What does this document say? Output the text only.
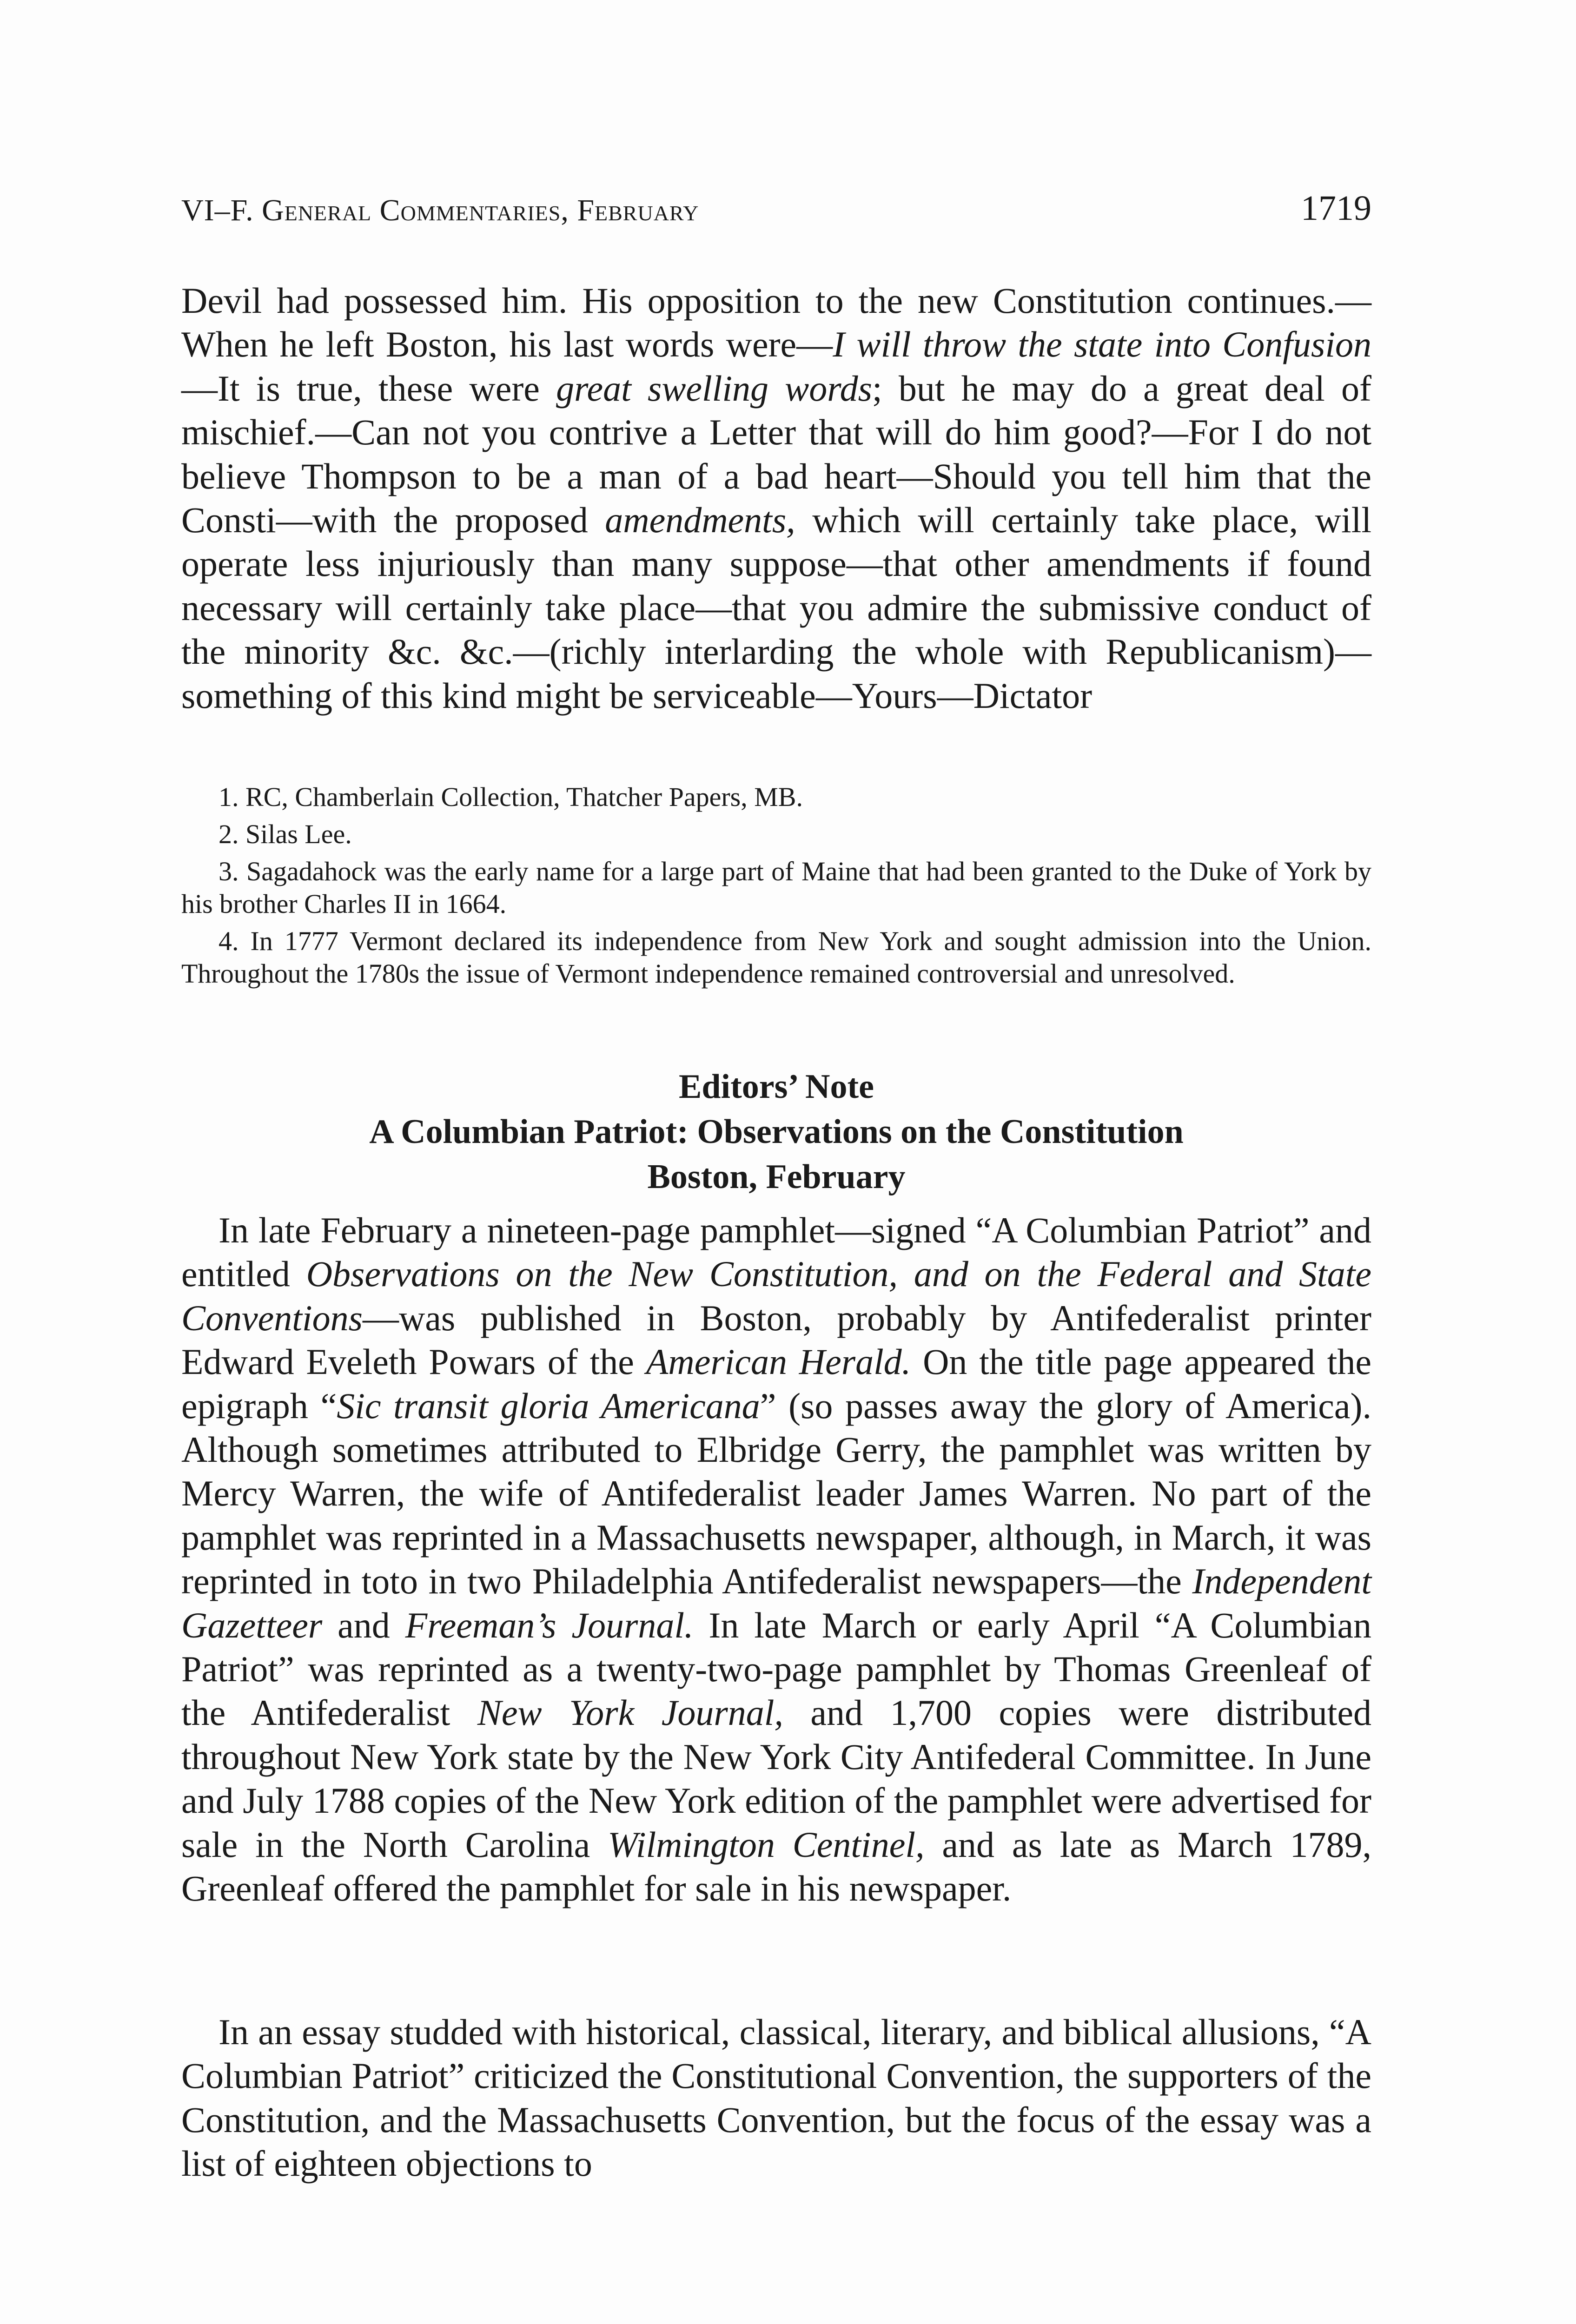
VI–F. General Commentaries, February	1719

Devil had possessed him. His opposition to the new Constitution continues.—When he left Boston, his last words were—I will throw the state into Confusion—It is true, these were great swelling words; but he may do a great deal of mischief.—Can not you contrive a Letter that will do him good?—For I do not believe Thompson to be a man of a bad heart—Should you tell him that the Consti—with the proposed amendments, which will certainly take place, will operate less injuriously than many suppose—that other amendments if found necessary will certainly take place—that you admire the submissive conduct of the minority &c. &c.—(richly interlarding the whole with Republicanism)—something of this kind might be serviceable—Yours—Dictator

1. RC, Chamberlain Collection, Thatcher Papers, MB.

2. Silas Lee.

3. Sagadahock was the early name for a large part of Maine that had been granted to the Duke of York by his brother Charles II in 1664.

4. In 1777 Vermont declared its independence from New York and sought admission into the Union. Throughout the 1780s the issue of Vermont independence remained controversial and unresolved.

Editors’ Note
A Columbian Patriot: Observations on the Constitution
Boston, February

In late February a nineteen-page pamphlet—signed “A Columbian Patriot” and entitled Observations on the New Constitution, and on the Federal and State Conventions—was published in Boston, probably by Antifederalist printer Edward Eveleth Powars of the American Herald. On the title page appeared the epigraph “Sic transit gloria Americana” (so passes away the glory of America). Although sometimes attributed to Elbridge Gerry, the pamphlet was written by Mercy Warren, the wife of Antifederalist leader James Warren. No part of the pamphlet was reprinted in a Massachusetts newspaper, although, in March, it was reprinted in toto in two Philadelphia Antifederalist newspapers—the Independent Gazetteer and Freeman’s Journal. In late March or early April “A Columbian Patriot” was reprinted as a twenty-two-page pamphlet by Thomas Greenleaf of the Antifederalist New York Journal, and 1,700 copies were distributed throughout New York state by the New York City Antifederal Committee. In June and July 1788 copies of the New York edition of the pamphlet were advertised for sale in the North Carolina Wilmington Centinel, and as late as March 1789, Greenleaf offered the pamphlet for sale in his newspaper.

In an essay studded with historical, classical, literary, and biblical allusions, “A Columbian Patriot” criticized the Constitutional Convention, the supporters of the Constitution, and the Massachusetts Convention, but the focus of the essay was a list of eighteen objections to
